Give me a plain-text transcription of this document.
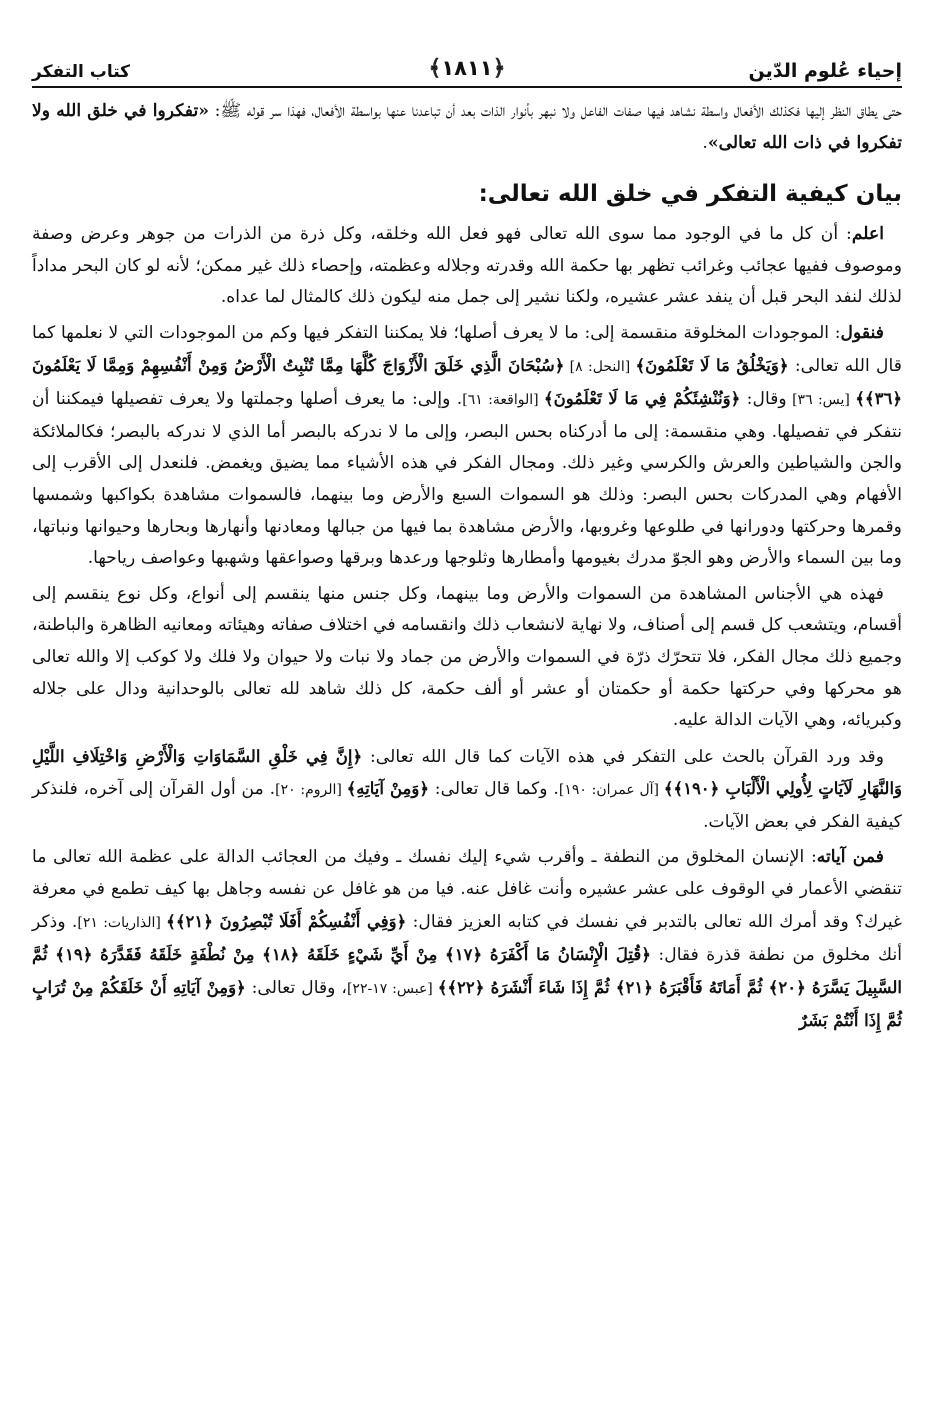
إحياء عُلوم الدّين
﴿١٨١١﴾
كتاب التفكر

حتى يطاق النظر إليها فكذلك الأفعال واسطة نشاهد فيها صفات الفاعل ولا نبهر بأنوار الذات بعد أن تباعدنا عنها بواسطة الأفعال، فهذا سر قوله ﷺ: «تفكروا في خلق الله ولا تفكروا في ذات الله تعالى».

بيان كيفية التفكر في خلق الله تعالى:

اعلم: أن كل ما في الوجود مما سوى الله تعالى فهو فعل الله وخلقه، وكل ذرة من الذرات من جوهر وعرض وصفة وموصوف ففيها عجائب وغرائب تظهر بها حكمة الله وقدرته وجلاله وعظمته، وإحصاء ذلك غير ممكن؛ لأنه لو كان البحر مداداً لذلك لنفد البحر قبل أن ينفد عشر عشيره، ولكنا نشير إلى جمل منه ليكون ذلك كالمثال لما عداه.

فنقول: الموجودات المخلوقة منقسمة إلى: ما لا يعرف أصلها؛ فلا يمكننا التفكر فيها وكم من الموجودات التي لا نعلمها كما قال الله تعالى: ﴿وَيَخْلُقُ مَا لَا تَعْلَمُونَ﴾ [النحل: ٨] ﴿سُبْحَانَ الَّذِي خَلَقَ الْأَزْوَاجَ كُلَّهَا مِمَّا تُنْبِتُ الْأَرْضُ وَمِنْ أَنْفُسِهِمْ وَمِمَّا لَا يَعْلَمُونَ ﴿٣٦﴾﴾ [يس: ٣٦] وقال: ﴿وَنُنْشِئَكُمْ فِي مَا لَا تَعْلَمُونَ﴾ [الواقعة: ٦١]. وإلى: ما يعرف أصلها وجملتها ولا يعرف تفصيلها فيمكننا أن نتفكر في تفصيلها. وهي منقسمة: إلى ما أدركناه بحس البصر، وإلى ما لا ندركه بالبصر أما الذي لا ندركه بالبصر؛ فكالملائكة والجن والشياطين والعرش والكرسي وغير ذلك. ومجال الفكر في هذه الأشياء مما يضيق ويغمض. فلنعدل إلى الأقرب إلى الأفهام وهي المدركات بحس البصر: وذلك هو السموات السبع والأرض وما بينهما، فالسموات مشاهدة بكواكبها وشمسها وقمرها وحركتها ودورانها في طلوعها وغروبها، والأرض مشاهدة بما فيها من جبالها ومعادنها وأنهارها وبحارها وحيوانها ونباتها، وما بين السماء والأرض وهو الجوّ مدرك بغيومها وأمطارها وثلوجها ورعدها وبرقها وصواعقها وشهبها وعواصف رياحها.

فهذه هي الأجناس المشاهدة من السموات والأرض وما بينهما، وكل جنس منها ينقسم إلى أنواع، وكل نوع ينقسم إلى أقسام، ويتشعب كل قسم إلى أصناف، ولا نهاية لانشعاب ذلك وانقسامه في اختلاف صفاته وهيئاته ومعانيه الظاهرة والباطنة، وجميع ذلك مجال الفكر، فلا تتحرّك ذرّة في السموات والأرض من جماد ولا نبات ولا حيوان ولا فلك ولا كوكب إلا والله تعالى هو محركها وفي حركتها حكمة أو حكمتان أو عشر أو ألف حكمة، كل ذلك شاهد لله تعالى بالوحدانية ودال على جلاله وكبريائه، وهي الآيات الدالة عليه.

وقد ورد القرآن بالحث على التفكر في هذه الآيات كما قال الله تعالى: ﴿إِنَّ فِي خَلْقِ السَّمَاوَاتِ وَالْأَرْضِ وَاخْتِلَافِ اللَّيْلِ وَالنَّهَارِ لَآيَاتٍ لِأُولِي الْأَلْبَابِ ﴿١٩٠﴾﴾ [آل عمران: ١٩٠]. وكما قال تعالى: ﴿وَمِنْ آيَاتِهِ﴾ [الروم: ٢٠]. من أول القرآن إلى آخره، فلنذكر كيفية الفكر في بعض الآيات.

فمن آياته: الإنسان المخلوق من النطفة ـ وأقرب شيء إليك نفسك ـ وفيك من العجائب الدالة على عظمة الله تعالى ما تنقضي الأعمار في الوقوف على عشر عشيره وأنت غافل عنه. فيا من هو غافل عن نفسه وجاهل بها كيف تطمع في معرفة غيرك؟ وقد أمرك الله تعالى بالتدبر في نفسك في كتابه العزيز فقال: ﴿وَفِي أَنْفُسِكُمْ أَفَلَا تُبْصِرُونَ ﴿٢١﴾﴾ [الذاريات: ٢١]. وذكر أنك مخلوق من نطفة قذرة فقال: ﴿قُتِلَ الْإِنْسَانُ مَا أَكْفَرَهُ ﴿١٧﴾ مِنْ أَيِّ شَيْءٍ خَلَقَهُ ﴿١٨﴾ مِنْ نُطْفَةٍ خَلَقَهُ فَقَدَّرَهُ ﴿١٩﴾ ثُمَّ السَّبِيلَ يَسَّرَهُ ﴿٢٠﴾ ثُمَّ أَمَاتَهُ فَأَقْبَرَهُ ﴿٢١﴾ ثُمَّ إِذَا شَاءَ أَنْشَرَهُ ﴿٢٢﴾﴾ [عبس: ١٧-٢٢]، وقال تعالى: ﴿وَمِنْ آيَاتِهِ أَنْ خَلَقَكُمْ مِنْ تُرَابٍ ثُمَّ إِذَا أَنْتُمْ بَشَرٌ
